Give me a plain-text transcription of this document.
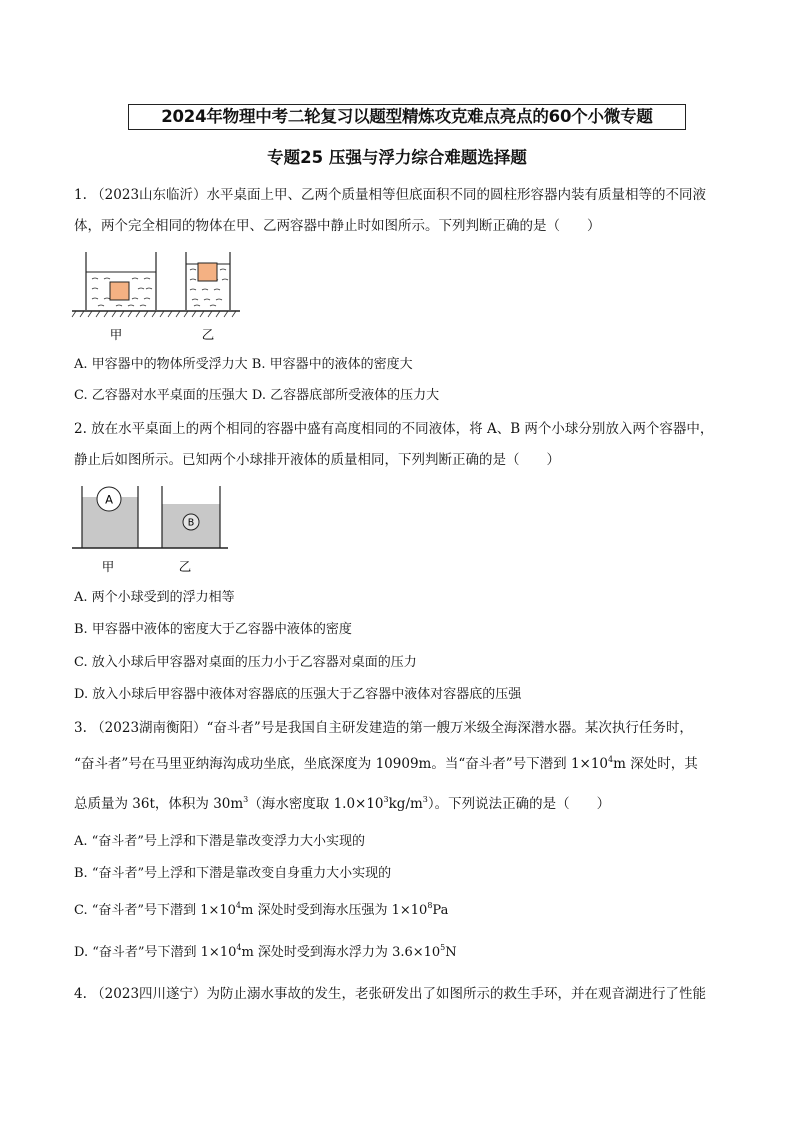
2024年物理中考二轮复习以题型精炼攻克难点亮点的60个小微专题
专题25 压强与浮力综合难题选择题
1. （2023山东临沂）水平桌面上甲、乙两个质量相等但底面积不同的圆柱形容器内装有质量相等的不同液
体，两个完全相同的物体在甲、乙两容器中静止时如图所示。下列判断正确的是（　　）
甲	乙
A. 甲容器中的物体所受浮力大 B. 甲容器中的液体的密度大
C. 乙容器对水平桌面的压强大 D. 乙容器底部所受液体的压力大
2. 放在水平桌面上的两个相同的容器中盛有高度相同的不同液体，将 A、B 两个小球分别放入两个容器中，
静止后如图所示。已知两个小球排开液体的质量相同，下列判断正确的是（　　）
A
B
甲	乙
A. 两个小球受到的浮力相等
B. 甲容器中液体的密度大于乙容器中液体的密度
C. 放入小球后甲容器对桌面的压力小于乙容器对桌面的压力
D. 放入小球后甲容器中液体对容器底的压强大于乙容器中液体对容器底的压强
3. （2023湖南衡阳）“奋斗者”号是我国自主研发建造的第一艘万米级全海深潜水器。某次执行任务时，
“奋斗者”号在马里亚纳海沟成功坐底，坐底深度为 10909m。当“奋斗者”号下潜到 $1\times 10^4m$ 深处时，其
总质量为 36t，体积为 $30m^3$（海水密度取 $1.0\times 10^3kg/m^3$）。下列说法正确的是（　　）
A. “奋斗者”号上浮和下潜是靠改变浮力大小实现的
B. “奋斗者”号上浮和下潜是靠改变自身重力大小实现的
C. “奋斗者”号下潜到 $1\times 10^4m$ 深处时受到海水压强为 $1\times 10^8Pa$
D. “奋斗者”号下潜到 $1\times 10^4m$ 深处时受到海水浮力为 $3.6\times 10^5N$
4. （2023四川遂宁）为防止溺水事故的发生，老张研发出了如图所示的救生手环，并在观音湖进行了性能
